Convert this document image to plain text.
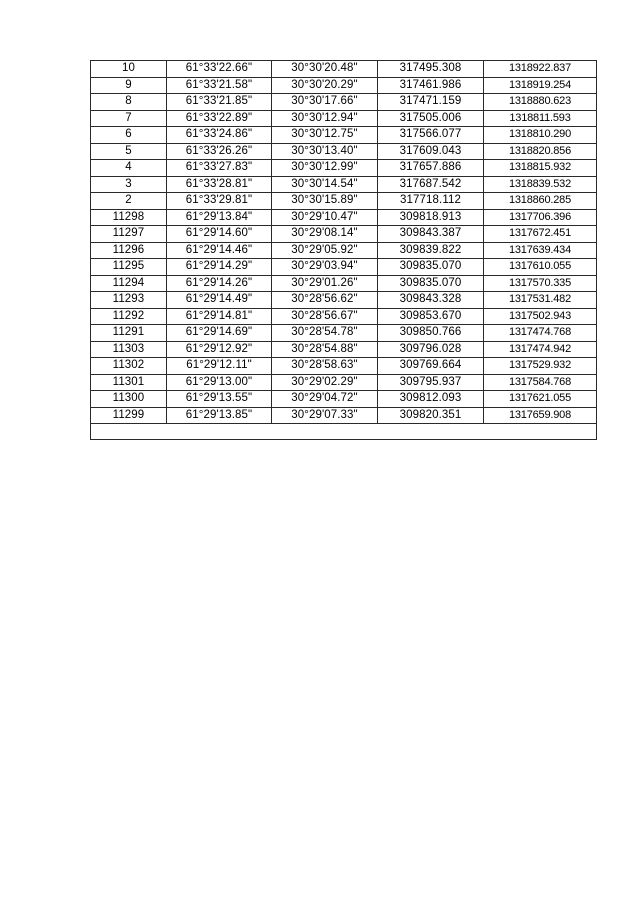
10	61°33'22.66"	30°30'20.48"	317495.308	1318922.837
9	61°33'21.58"	30°30'20.29"	317461.986	1318919.254
8	61°33'21.85"	30°30'17.66"	317471.159	1318880.623
7	61°33'22.89"	30°30'12.94"	317505.006	1318811.593
6	61°33'24.86"	30°30'12.75"	317566.077	1318810.290
5	61°33'26.26"	30°30'13.40"	317609.043	1318820.856
4	61°33'27.83"	30°30'12.99"	317657.886	1318815.932
3	61°33'28.81"	30°30'14.54"	317687.542	1318839.532
2	61°33'29.81"	30°30'15.89"	317718.112	1318860.285
11298	61°29'13.84"	30°29'10.47"	309818.913	1317706.396
11297	61°29'14.60"	30°29'08.14"	309843.387	1317672.451
11296	61°29'14.46"	30°29'05.92"	309839.822	1317639.434
11295	61°29'14.29"	30°29'03.94"	309835.070	1317610.055
11294	61°29'14.26"	30°29'01.26"	309835.070	1317570.335
11293	61°29'14.49"	30°28'56.62"	309843.328	1317531.482
11292	61°29'14.81"	30°28'56.67"	309853.670	1317502.943
11291	61°29'14.69"	30°28'54.78"	309850.766	1317474.768
11303	61°29'12.92"	30°28'54.88"	309796.028	1317474.942
11302	61°29'12.11"	30°28'58.63"	309769.664	1317529.932
11301	61°29'13.00"	30°29'02.29"	309795.937	1317584.768
11300	61°29'13.55"	30°29'04.72"	309812.093	1317621.055
11299	61°29'13.85"	30°29'07.33"	309820.351	1317659.908
